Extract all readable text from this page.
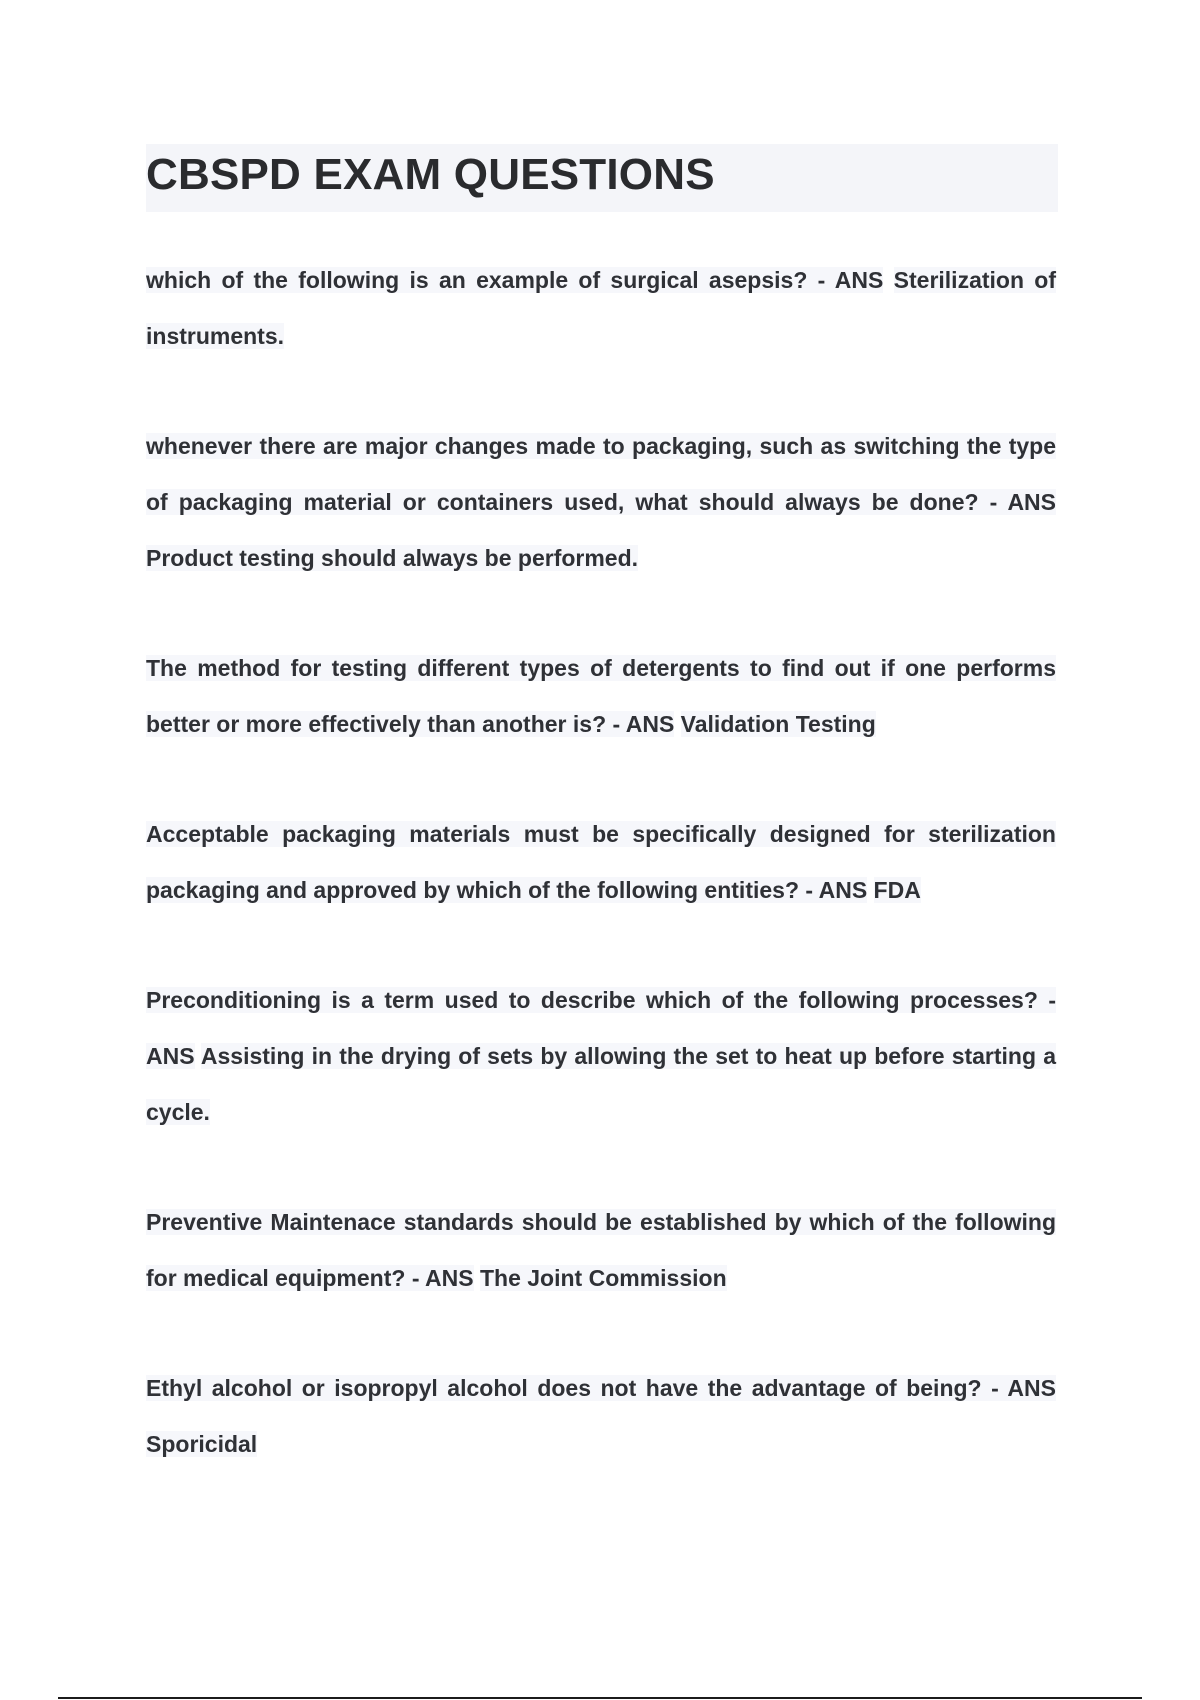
CBSPD EXAM QUESTIONS

which of the following is an example of surgical asepsis? - ANS Sterilization of instruments.

whenever there are major changes made to packaging, such as switching the type of packaging material or containers used, what should always be done? - ANS Product testing should always be performed.

The method for testing different types of detergents to find out if one performs better or more effectively than another is? - ANS Validation Testing

Acceptable packaging materials must be specifically designed for sterilization packaging and approved by which of the following entities? - ANS FDA

Preconditioning is a term used to describe which of the following processes? - ANS Assisting in the drying of sets by allowing the set to heat up before starting a cycle.

Preventive Maintenace standards should be established by which of the following for medical equipment? - ANS The Joint Commission

Ethyl alcohol or isopropyl alcohol does not have the advantage of being? - ANS Sporicidal
